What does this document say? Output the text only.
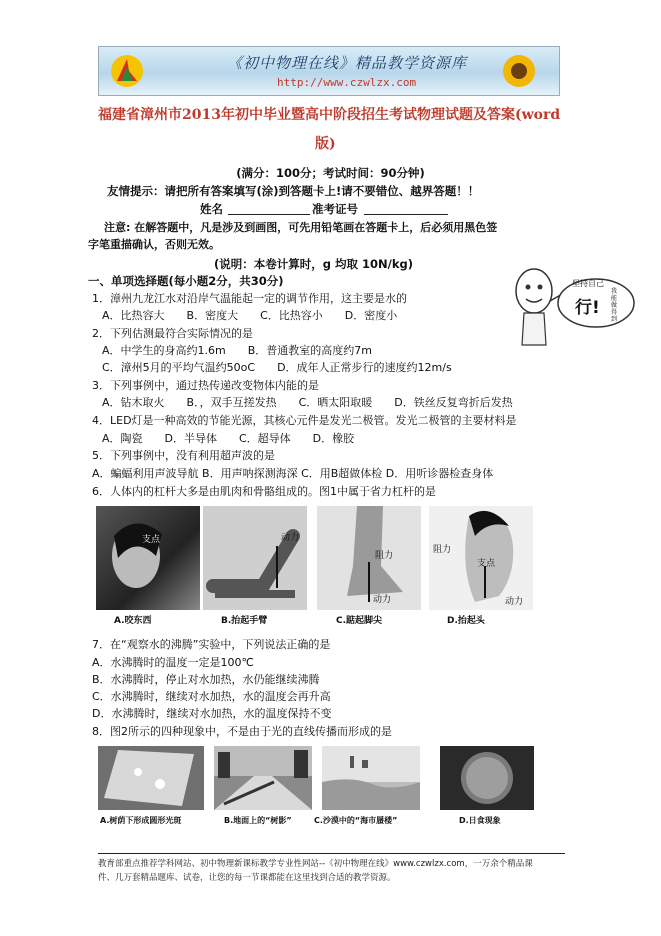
《初中物理在线》精品教学资源库
http://www.czwlzx.com
福建省漳州市2013年初中毕业暨高中阶段招生考试物理试题及答案(word
版)
(满分：100分；考试时间：90分钟)
友情提示：请把所有答案填写(涂)到答题卡上!请不要错位、越界答题！！
姓名	准考证号
注意: 在解答题中，凡是涉及到画图，可先用铅笔画在答题卡上，后必须用黑色签
字笔重描确认，否则无效。
(说明：本卷计算时，g 均取 10N/kg)
一、单项选择题(每小题2分，共30分)	坚持自己
行!
我能做得到
1．漳州九龙江水对沿岸气温能起一定的调节作用，这主要是水的
A．比热容大　　B．密度大　　C．比热容小　　D．密度小
2．下列估测最符合实际情况的是
A．中学生的身高约1.6m　　B．普通教室的高度约7m
C．漳州5月的平均气温约50oC　　D．成年人正常步行的速度约12m/s
3．下列事例中，通过热传递改变物体内能的是
A．钻木取火　　B．，双手互搓发热　　C．晒太阳取暖　　D．铁丝反复弯折后发热
4．LED灯是一种高效的节能光源，其核心元件是发光二极管。发光二极管的主要材料是
A．陶瓷　　D．半导体　　C．超导体　　D．橡胶
5．下列事例中，没有利用超声波的是
A．蝙蝠利用声波导航 B．用声呐探测海深 C．用B超做体检 D．用听诊器检查身体
6．人体内的杠杆大多是由肌肉和骨骼组成的。图1中属于省力杠杆的是
支点
A.咬东西
动力
B.抬起手臂
阻力
动力
C.踮起脚尖
阻力
支点
动力
D.抬起头
7．在“观察水的沸腾”实验中，下列说法正确的是
A．水沸腾时的温度一定是100℃
B．水沸腾时，停止对水加热，水仍能继续沸腾
C．水沸腾时，继续对水加热，水的温度会再升高
D．水沸腾时，继续对水加热，水的温度保持不变
8．图2所示的四种现象中，不是由于光的直线传播而形成的是
A.树荫下形成圆形光斑	B.地面上的“树影”	C.沙漠中的“海市蜃楼”	D.日食现象
教育部重点推荐学科网站、初中物理新课标教学专业性网站--《初中物理在线》www.czwlzx.com，一万余个精品课
件、几万套精品题库、试卷，让您的每一节课都能在这里找到合适的教学资源。
